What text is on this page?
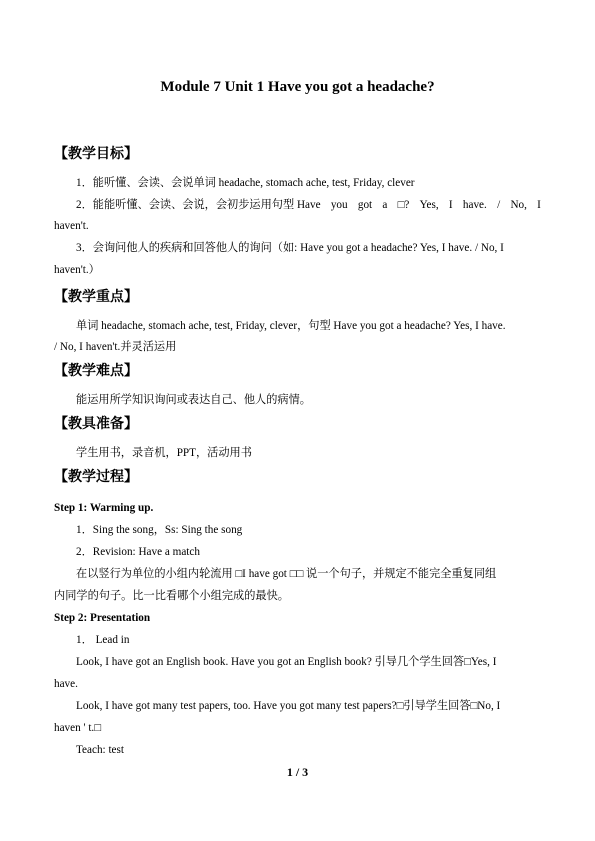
Module 7 Unit 1 Have you got a headache?
【教学目标】
1．能听懂、会读、会说单词 headache, stomach ache, test, Friday, clever
2．能能听懂、会读、会说，会初步运用句型 Have you got a □? Yes, I have. / No, I
haven't.
3．会询问他人的疾病和回答他人的询问（如: Have you got a headache? Yes, I have. / No, I
haven't.）
【教学重点】
单词 headache, stomach ache, test, Friday, clever，句型 Have you got a headache? Yes, I have.
/ No, I haven't.并灵活运用
【教学难点】
能运用所学知识询问或表达自己、他人的病情。
【教具准备】
学生用书，录音机，PPT，活动用书
【教学过程】
Step 1: Warming up.
1．Sing the song，Ss: Sing the song
2．Revision: Have a match
在以竖行为单位的小组内轮流用 □I have got □□ 说一个句子，并规定不能完全重复同组
内同学的句子。比一比看哪个小组完成的最快。
Step 2: Presentation
1． Lead in
Look, I have got an English book. Have you got an English book? 引导几个学生回答□Yes, I
have.
Look, I have got many test papers, too. Have you got many test papers?□引导学生回答□No, I
haven ' t.□
Teach: test
1 / 3
